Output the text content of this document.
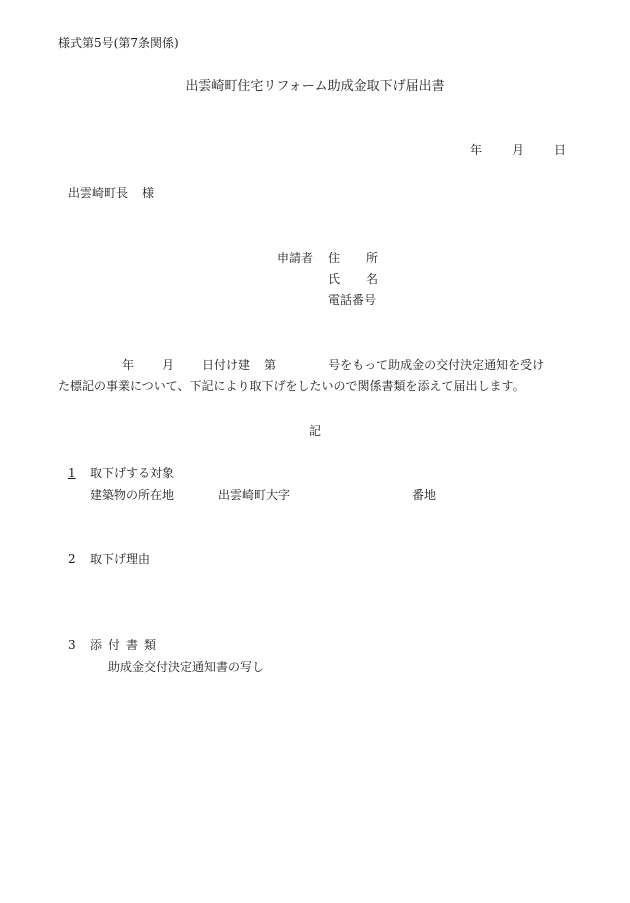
様式第5号(第7条関係)
出雲崎町住宅リフォーム助成金取下げ届出書
年	月	日
出雲崎町長 様
申請者 住 所
氏 名
電話番号
年 月 日付け建 第	号をもって助成金の交付決定通知を受け
た標記の事業について、下記により取下げをしたいので関係書類を添えて届出します。
記
1 取下げする対象
建築物の所在地	出雲崎町大字	番地
2 取下げ理由
3 添 付 書 類
助成金交付決定通知書の写し
